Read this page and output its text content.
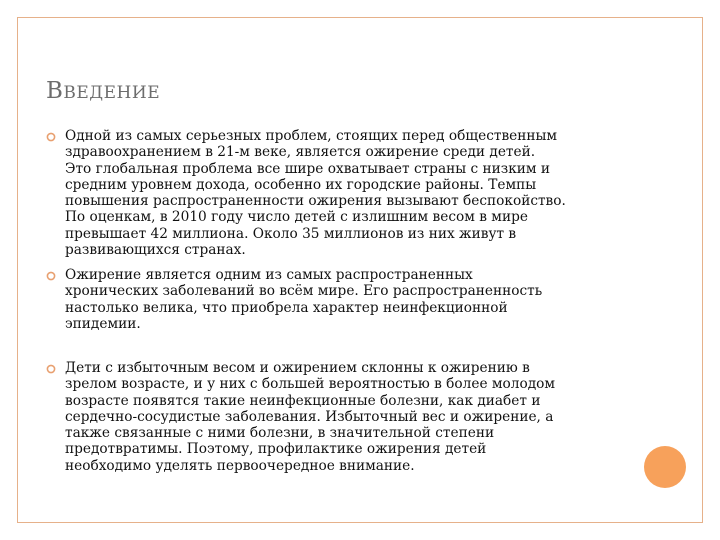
ВВЕДЕНИЕ
Одной из самых серьезных проблем, стоящих перед общественным
здравоохранением в 21-м веке, является ожирение среди детей.
Это глобальная проблема все шире охватывает страны с низким и
средним уровнем дохода, особенно их городские районы. Темпы
повышения распространенности ожирения вызывают беспокойство.
По оценкам, в 2010 году число детей с излишним весом в мире
превышает 42 миллиона. Около 35 миллионов из них живут в
развивающихся странах.
Ожирение является одним из самых распространенных
хронических заболеваний во всём мире. Его распространенность
настолько велика, что приобрела характер неинфекционной
эпидемии.
Дети с избыточным весом и ожирением склонны к ожирению в
зрелом возрасте, и у них с большей вероятностью в более молодом
возрасте появятся такие неинфекционные болезни, как диабет и
сердечно-сосудистые заболевания. Избыточный вес и ожирение, а
также связанные с ними болезни, в значительной степени
предотвратимы. Поэтому, профилактике ожирения детей
необходимо уделять первоочередное внимание.
